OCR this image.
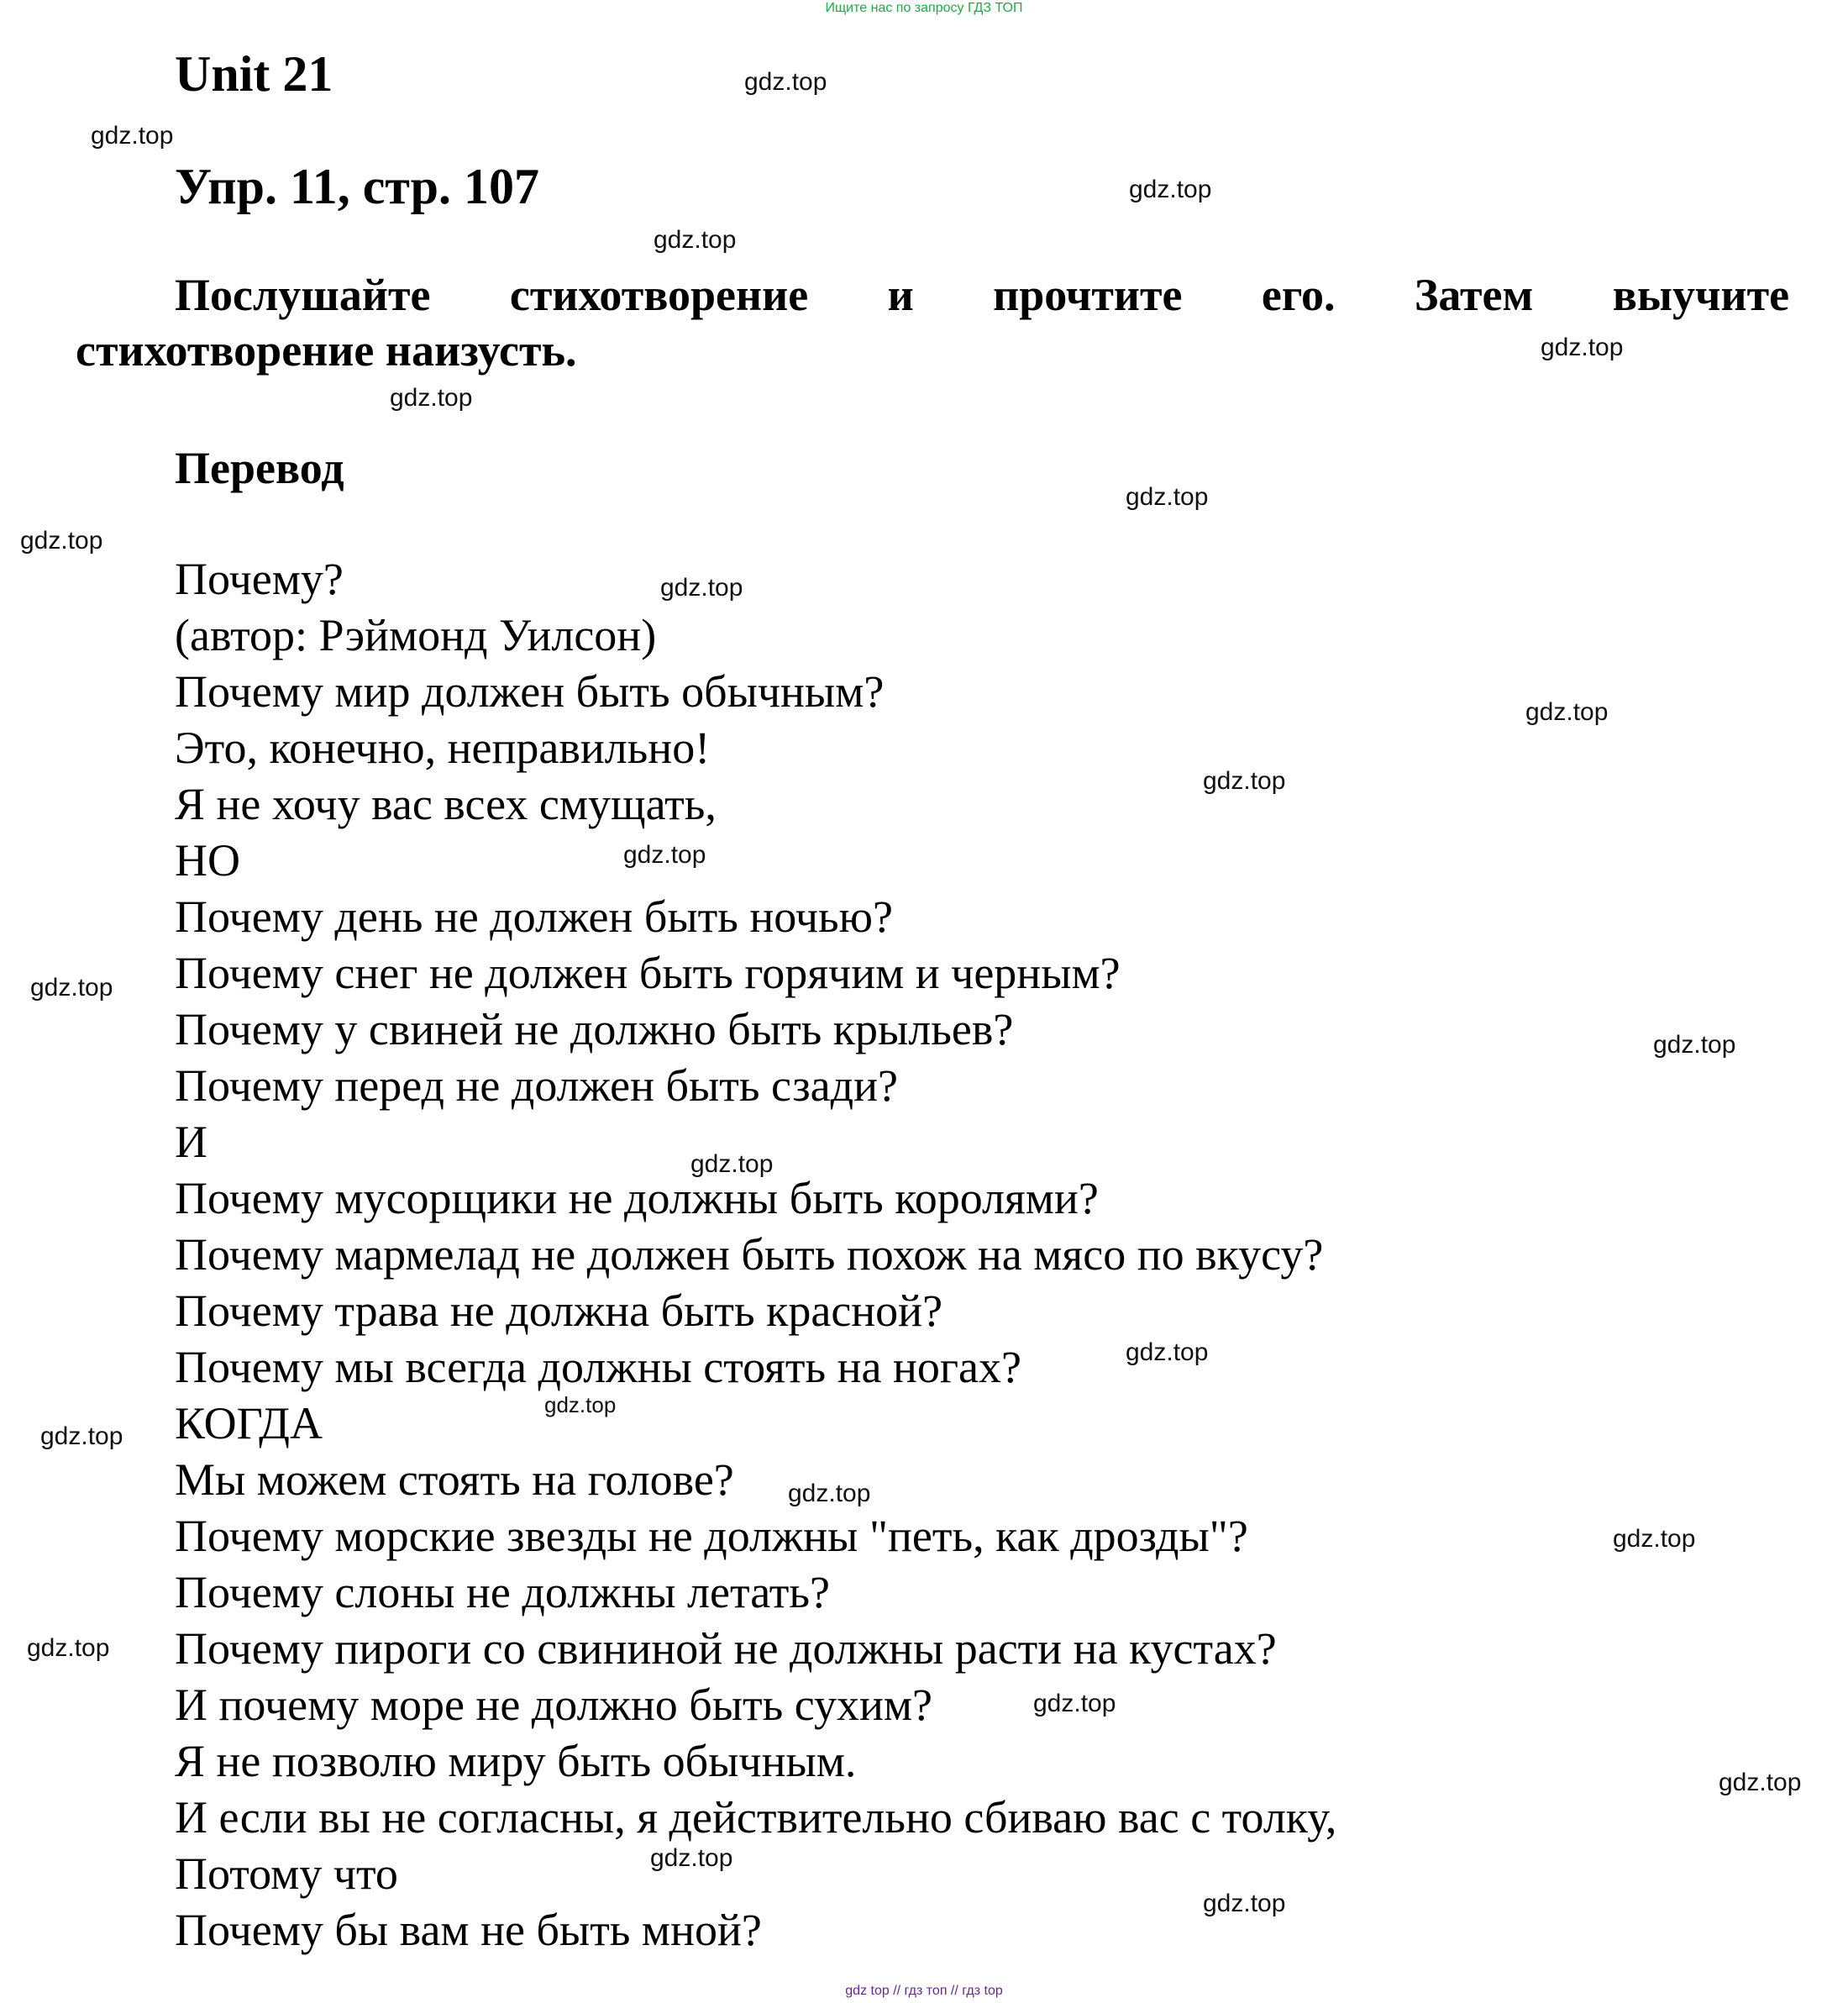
Ищите нас по запросу ГДЗ ТОП
Unit 21
Упр. 11, стр. 107
Послушайте стихотворение и прочтите его. Затем выучите
стихотворение наизусть.
Перевод
Почему?
(автор: Рэймонд Уилсон)
Почему мир должен быть обычным?
Это, конечно, неправильно!
Я не хочу вас всех смущать,
НО
Почему день не должен быть ночью?
Почему снег не должен быть горячим и черным?
Почему у свиней не должно быть крыльев?
Почему перед не должен быть сзади?
И
Почему мусорщики не должны быть королями?
Почему мармелад не должен быть похож на мясо по вкусу?
Почему трава не должна быть красной?
Почему мы всегда должны стоять на ногах?
КОГДА
Мы можем стоять на голове?
Почему морские звезды не должны "петь, как дрозды"?
Почему слоны не должны летать?
Почему пироги со свининой не должны расти на кустах?
И почему море не должно быть сухим?
Я не позволю миру быть обычным.
И если вы не согласны, я действительно сбиваю вас с толку,
Потому что
Почему бы вам не быть мной?
gdz.top
gdz.top
gdz.top
gdz.top
gdz.top
gdz.top
gdz.top
gdz.top
gdz.top
gdz.top
gdz.top
gdz.top
gdz.top
gdz.top
gdz.top
gdz.top
gdz.top
gdz.top
gdz.top
gdz.top
gdz.top
gdz.top
gdz.top
gdz.top
gdz.top
gdz top // гдз топ // гдз top
